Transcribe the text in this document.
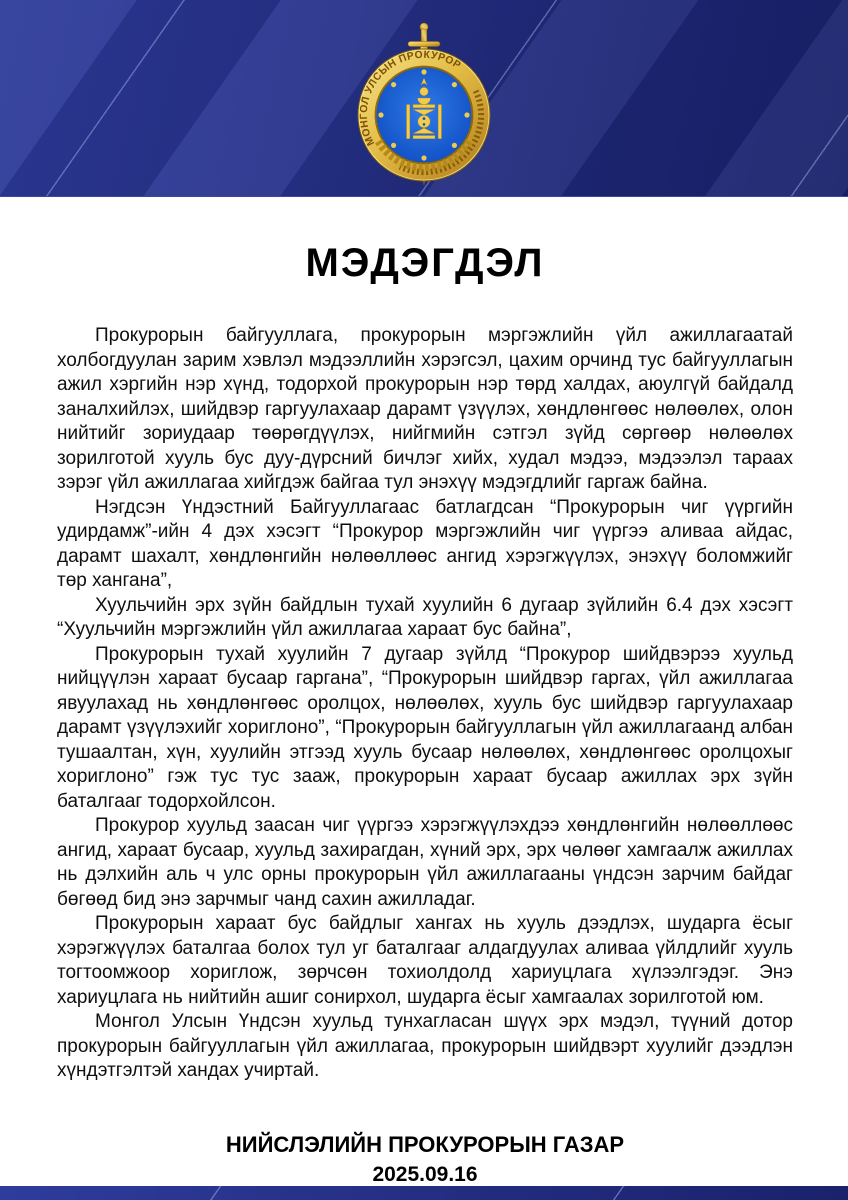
МОНГОЛ УЛСЫН ПРОКУРОР
МЭДЭГДЭЛ

Прокурорын байгууллага, прокурорын мэргэжлийн үйл ажиллагаатай холбогдуулан зарим хэвлэл мэдээллийн хэрэгсэл, цахим орчинд тус байгууллагын ажил хэргийн нэр хүнд, тодорхой прокурорын нэр төрд халдах, аюулгүй байдалд заналхийлэх, шийдвэр гаргуулахаар дарамт үзүүлэх, хөндлөнгөөс нөлөөлөх, олон нийтийг зориудаар төөрөгдүүлэх, нийгмийн сэтгэл зүйд сөргөөр нөлөөлөх зорилготой хууль бус дуу-дүрсний бичлэг хийх, худал мэдээ, мэдээлэл тараах зэрэг үйл ажиллагаа хийгдэж байгаа тул энэхүү мэдэгдлийг гаргаж байна.

Нэгдсэн Үндэстний Байгууллагаас батлагдсан “Прокурорын чиг үүргийн удирдамж”-ийн 4 дэх хэсэгт “Прокурор мэргэжлийн чиг үүргээ аливаа айдас, дарамт шахалт, хөндлөнгийн нөлөөллөөс ангид хэрэгжүүлэх, энэхүү боломжийг төр хангана”,

Хуульчийн эрх зүйн байдлын тухай хуулийн 6 дугаар зүйлийн 6.4 дэх хэсэгт “Хуульчийн мэргэжлийн үйл ажиллагаа хараат бус байна”,

Прокурорын тухай хуулийн 7 дугаар зүйлд “Прокурор шийдвэрээ хуульд нийцүүлэн хараат бусаар гаргана”, “Прокурорын шийдвэр гаргах, үйл ажиллагаа явуулахад нь хөндлөнгөөс оролцох, нөлөөлөх, хууль бус шийдвэр гаргуулахаар дарамт үзүүлэхийг хориглоно”, “Прокурорын байгууллагын үйл ажиллагаанд албан тушаалтан, хүн, хуулийн этгээд хууль бусаар нөлөөлөх, хөндлөнгөөс оролцохыг хориглоно” гэж тус тус зааж, прокурорын хараат бусаар ажиллах эрх зүйн баталгааг тодорхойлсон.

Прокурор хуульд заасан чиг үүргээ хэрэгжүүлэхдээ хөндлөнгийн нөлөөллөөс ангид, хараат бусаар, хуульд захирагдан, хүний эрх, эрх чөлөөг хамгаалж ажиллах нь дэлхийн аль ч улс орны прокурорын үйл ажиллагааны үндсэн зарчим байдаг бөгөөд бид энэ зарчмыг чанд сахин ажилладаг.

Прокурорын хараат бус байдлыг хангах нь хууль дээдлэх, шударга ёсыг хэрэгжүүлэх баталгаа болох тул уг баталгааг алдагдуулах аливаа үйлдлийг хууль тогтоомжоор хориглож, зөрчсөн тохиолдолд хариуцлага хүлээлгэдэг. Энэ хариуцлага нь нийтийн ашиг сонирхол, шударга ёсыг хамгаалах зорилготой юм.

Монгол Улсын Үндсэн хуульд тунхагласан шүүх эрх мэдэл, түүний дотор прокурорын байгууллагын үйл ажиллагаа, прокурорын шийдвэрт хуулийг дээдлэн хүндэтгэлтэй хандах учиртай.

НИЙСЛЭЛИЙН ПРОКУРОРЫН ГАЗАР
2025.09.16
